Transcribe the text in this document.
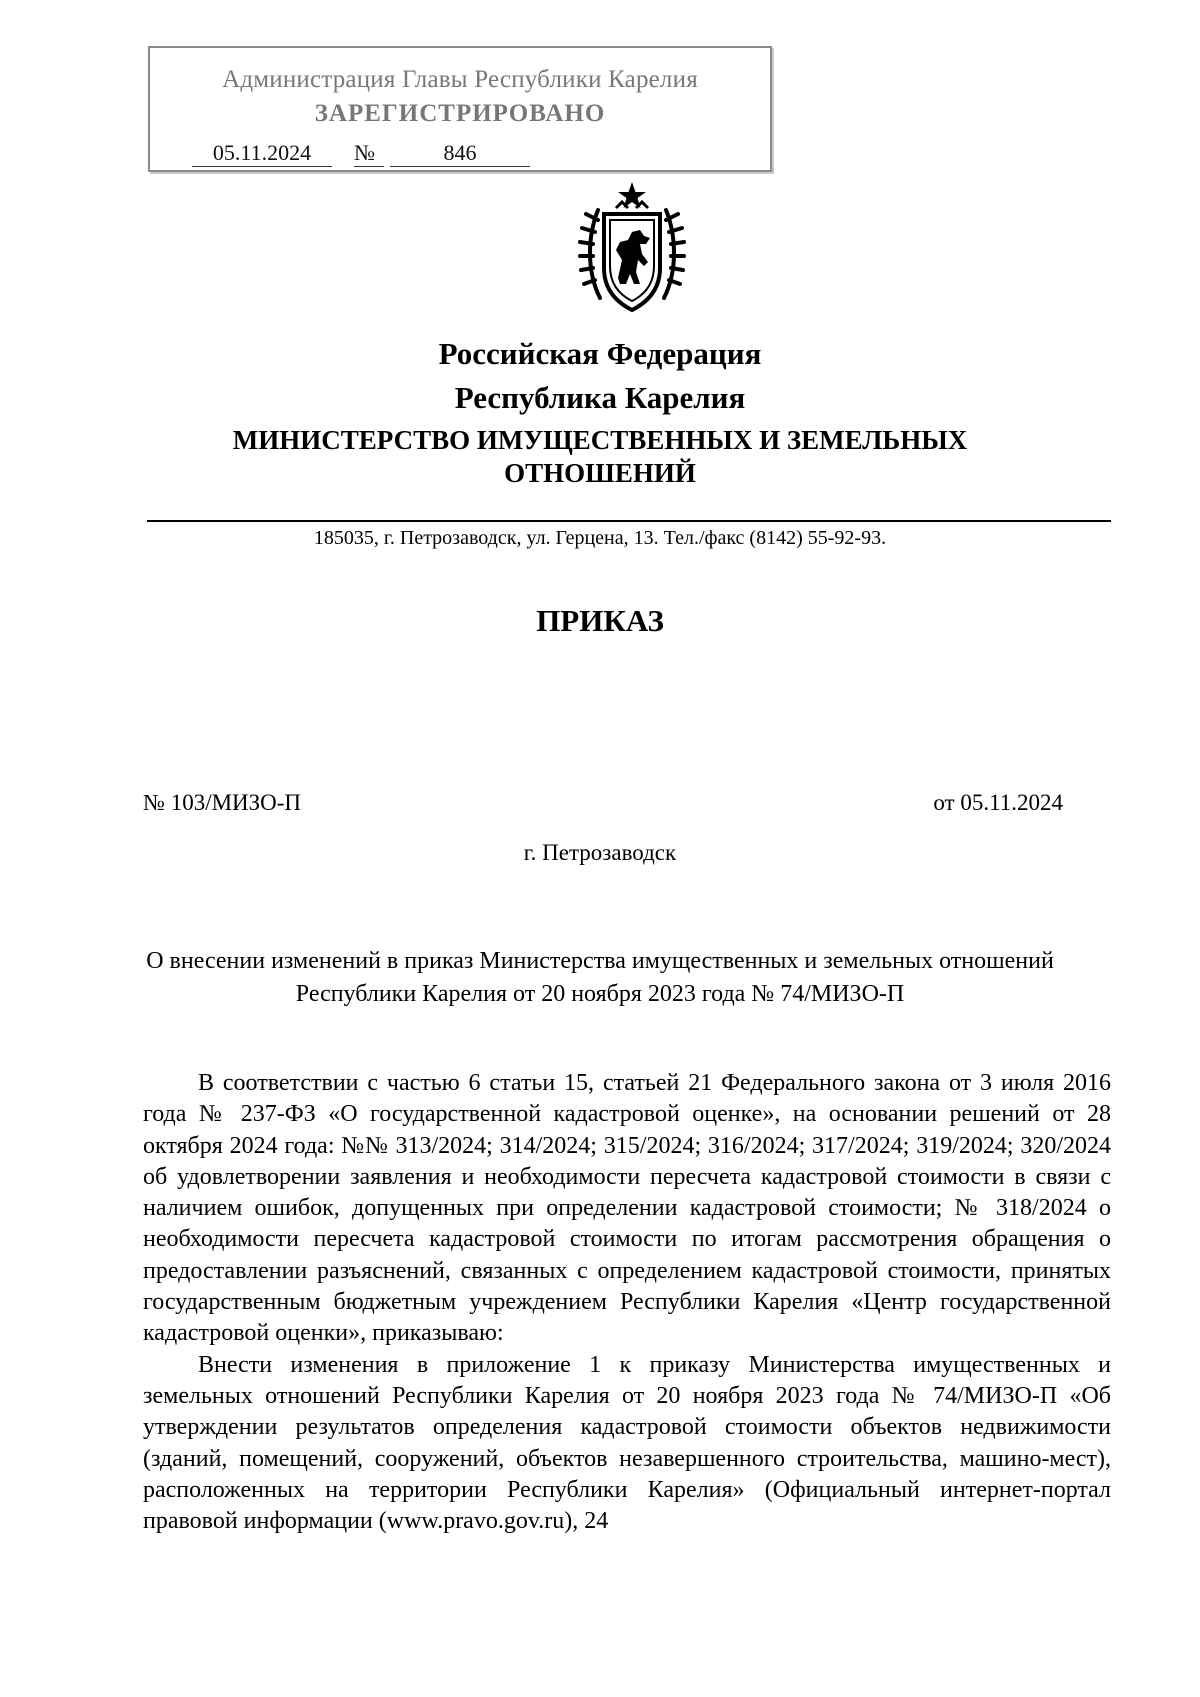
Администрация Главы Республики Карелия
ЗАРЕГИСТРИРОВАНО
05.11.2024	№	846
Российская Федерация
Республика Карелия
МИНИСТЕРСТВО ИМУЩЕСТВЕННЫХ И ЗЕМЕЛЬНЫХ ОТНОШЕНИЙ
185035, г. Петрозаводск, ул. Герцена, 13. Тел./факс (8142) 55-92-93.
ПРИКАЗ
№ 103/МИЗО-П	от 05.11.2024
г. Петрозаводск
О внесении изменений в приказ Министерства имущественных и земельных отношений Республики Карелия от 20 ноября 2023 года № 74/МИЗО-П

В соответствии с частью 6 статьи 15, статьей 21 Федерального закона от 3 июля 2016 года № 237-ФЗ «О государственной кадастровой оценке», на основании решений от 28 октября 2024 года: №№ 313/2024; 314/2024; 315/2024; 316/2024; 317/2024; 319/2024; 320/2024 об удовлетворении заявления и необходимости пересчета кадастровой стоимости в связи с наличием ошибок, допущенных при определении кадастровой стоимости; № 318/2024 о необходимости пересчета кадастровой стоимости по итогам рассмотрения обращения о предоставлении разъяснений, связанных с определением кадастровой стоимости, принятых государственным бюджетным учреждением Республики Карелия «Центр государственной кадастровой оценки», приказываю:

Внести изменения в приложение 1 к приказу Министерства имущественных и земельных отношений Республики Карелия от 20 ноября 2023 года № 74/МИЗО-П «Об утверждении результатов определения кадастровой стоимости объектов недвижимости (зданий, помещений, сооружений, объектов незавершенного строительства, машино-мест), расположенных на территории Республики Карелия» (Официальный интернет-портал правовой информации (www.pravo.gov.ru), 24
